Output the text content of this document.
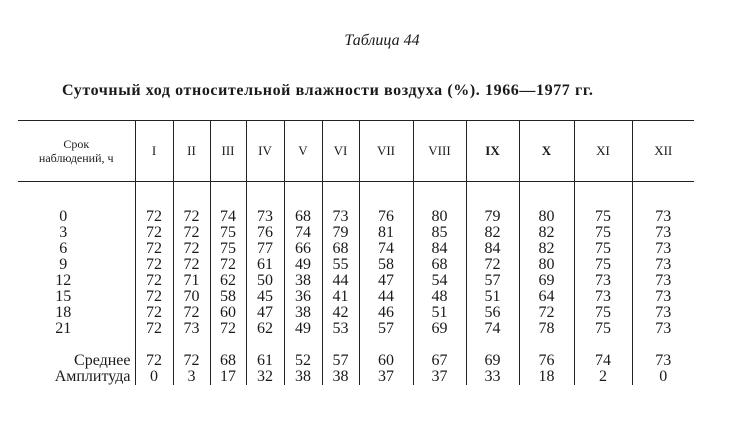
Таблица 44
Суточный ход относительной влажности воздуха (%). 1966—1977 гг.
Срок
наблюдений, ч	I	II	III	IV	V	VI	VII	VIII	IX	X	XI	XII

0	72	72	74	73	68	73	76	80	79	80	75	73
3	72	72	75	76	74	79	81	85	82	82	75	73
6	72	72	75	77	66	68	74	84	84	82	75	73
9	72	72	72	61	49	55	58	68	72	80	75	73
12	72	71	62	50	38	44	47	54	57	69	73	73
15	72	70	58	45	36	41	44	48	51	64	73	73
18	72	72	60	47	38	42	46	51	56	72	75	73
21	72	73	72	62	49	53	57	69	74	78	75	73

Среднее	72	72	68	61	52	57	60	67	69	76	74	73
Амплитуда	0	3	17	32	38	38	37	37	33	18	2	0
